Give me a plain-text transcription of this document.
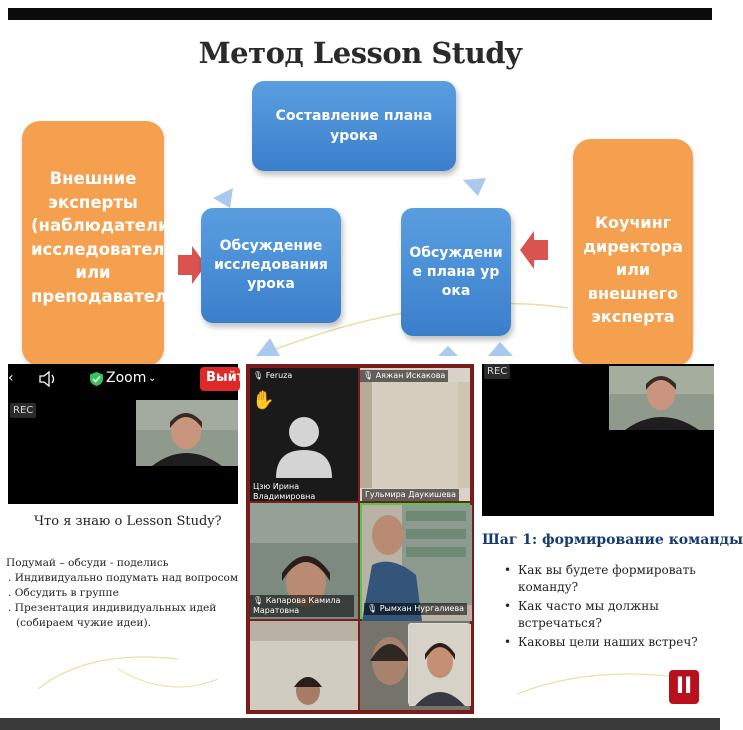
Метод Lesson Study
Внешние эксперты (наблюдатели, исследователи или преподаватели)
Коучинг директора или внешнего эксперта
Составление плана урока
Обсуждение исследования урока
Обсуждение плана урока
‹	Zoom ⌄	Выйт
REC
Что я знаю о Lesson Study?
Подумай – обсуди - поделись
. Индивидуально подумать над вопросом
. Обсудить в группе
. Презентация индивидуальных идей
(собираем чужие идеи).
🎙 Feruza
✋
Цзю Ирина Владимировна
🎙 Аяжан Искакова
Гульмира Даукишева
🎙 Капарова Камила Маратовна	🎙 Рымхан Нургалиева
REC
Шаг 1: формирование команды
• Как вы будете формировать команду?
• Как часто мы должны встречаться?
• Каковы цели наших встреч?
II
